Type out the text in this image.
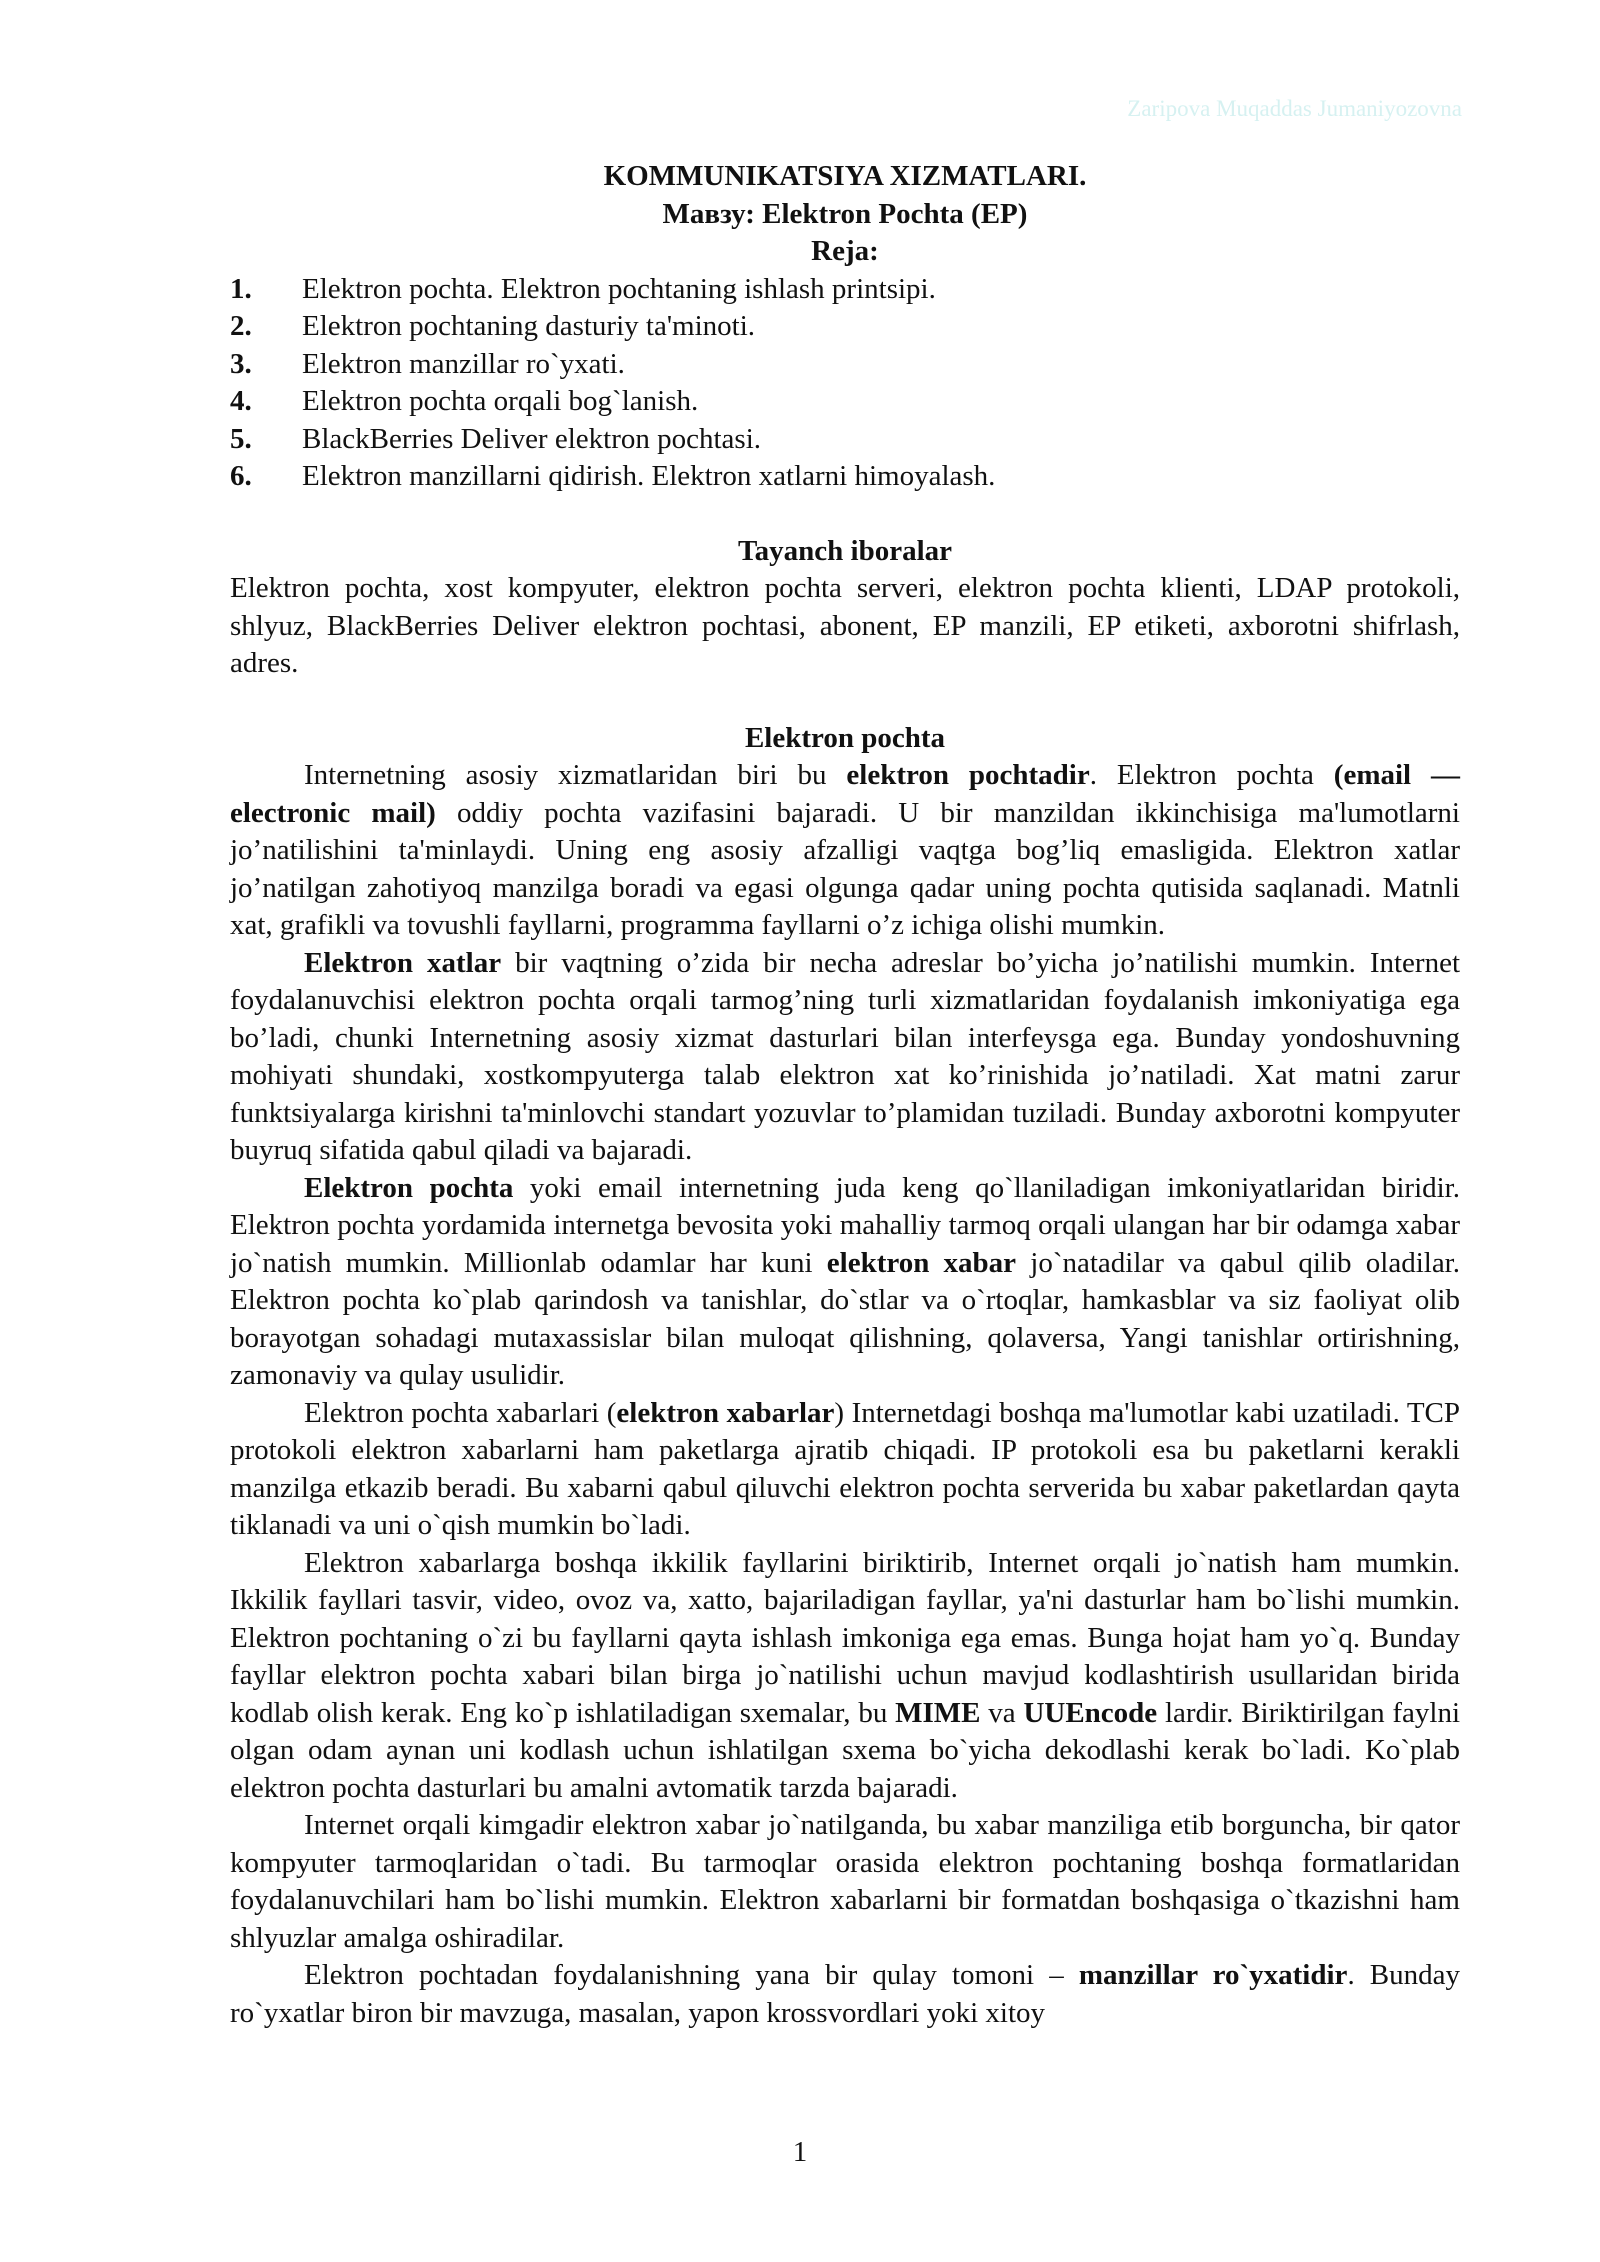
Zaripova Muqaddas Jumaniyozovna
KOMMUNIKATSIYA XIZMATLARI.
Мавзу: Elektron Pochta (EP)
Reja:
1.	Elektron pochta. Elektron pochtaning ishlash printsipi.
2.	Elektron pochtaning dasturiy ta'minoti.
3.	Elektron manzillar ro`yxati.
4.	Elektron pochta orqali bog`lanish.
5.	BlackBerries Deliver elektron pochtasi.
6.	Elektron manzillarni qidirish. Elektron xatlarni himoyalash.
Tayanch iboralar

Elektron pochta, xost kompyuter, elektron pochta serveri, elektron pochta klienti, LDAP protokoli, shlyuz, BlackBerries Deliver elektron pochtasi, abonent, EP manzili, EP etiketi, axborotni shifrlash, adres.

Elektron pochta

Internetning asosiy xizmatlaridan biri bu elektron pochtadir. Elektron pochta (email — electronic mail) oddiy pochta vazifasini bajaradi. U bir manzildan ikkinchisiga ma'lumotlarni jo’natilishini ta'minlaydi. Uning eng asosiy afzalligi vaqtga bog’liq emasligida. Elektron xatlar jo’natilgan zahotiyoq manzilga boradi va egasi olgunga qadar uning pochta qutisida saqlanadi. Matnli xat, grafikli va tovushli fayllarni, programma fayllarni o’z ichiga olishi mumkin.

Elektron xatlar bir vaqtning o’zida bir necha adreslar bo’yicha jo’natilishi mumkin. Internet foydalanuvchisi elektron pochta orqali tarmog’ning turli xizmatlaridan foydalanish imkoniyatiga ega bo’ladi, chunki Internetning asosiy xizmat dasturlari bilan interfeysga ega. Bunday yondoshuvning mohiyati shundaki, xostkompyuterga talab elektron xat ko’rinishida jo’natiladi. Xat matni zarur funktsiyalarga kirishni ta'minlovchi standart yozuvlar to’plamidan tuziladi. Bunday axborotni kompyuter buyruq sifatida qabul qiladi va bajaradi.

Elektron pochta yoki email internetning juda keng qo`llaniladigan imkoniyatlaridan biridir. Elektron pochta yordamida internetga bevosita yoki mahalliy tarmoq orqali ulangan har bir odamga xabar jo`natish mumkin. Millionlab odamlar har kuni elektron xabar jo`natadilar va qabul qilib oladilar. Elektron pochta ko`plab qarindosh va tanishlar, do`stlar va o`rtoqlar, hamkasblar va siz faoliyat olib borayotgan sohadagi mutaxassislar bilan muloqat qilishning, qolaversa, Yangi tanishlar ortirishning, zamonaviy va qulay usulidir.

Elektron pochta xabarlari (elektron xabarlar) Internetdagi boshqa ma'lumotlar kabi uzatiladi. TCP protokoli elektron xabarlarni ham paketlarga ajratib chiqadi. IP protokoli esa bu paketlarni kerakli manzilga etkazib beradi. Bu xabarni qabul qiluvchi elektron pochta serverida bu xabar paketlardan qayta tiklanadi va uni o`qish mumkin bo`ladi.

Elektron xabarlarga boshqa ikkilik fayllarini biriktirib, Internet orqali jo`natish ham mumkin. Ikkilik fayllari tasvir, video, ovoz va, xatto, bajariladigan fayllar, ya'ni dasturlar ham bo`lishi mumkin. Elektron pochtaning o`zi bu fayllarni qayta ishlash imkoniga ega emas. Bunga hojat ham yo`q. Bunday fayllar elektron pochta xabari bilan birga jo`natilishi uchun mavjud kodlashtirish usullaridan birida kodlab olish kerak. Eng ko`p ishlatiladigan sxemalar, bu MIME va UUEncode lardir. Biriktirilgan faylni olgan odam aynan uni kodlash uchun ishlatilgan sxema bo`yicha dekodlashi kerak bo`ladi. Ko`plab elektron pochta dasturlari bu amalni avtomatik tarzda bajaradi.

Internet orqali kimgadir elektron xabar jo`natilganda, bu xabar manziliga etib borguncha, bir qator kompyuter tarmoqlaridan o`tadi. Bu tarmoqlar orasida elektron pochtaning boshqa formatlaridan foydalanuvchilari ham bo`lishi mumkin. Elektron xabarlarni bir formatdan boshqasiga o`tkazishni ham shlyuzlar amalga oshiradilar.

Elektron pochtadan foydalanishning yana bir qulay tomoni – manzillar ro`yxatidir. Bunday ro`yxatlar biron bir mavzuga, masalan, yapon krossvordlari yoki xitoy

1
